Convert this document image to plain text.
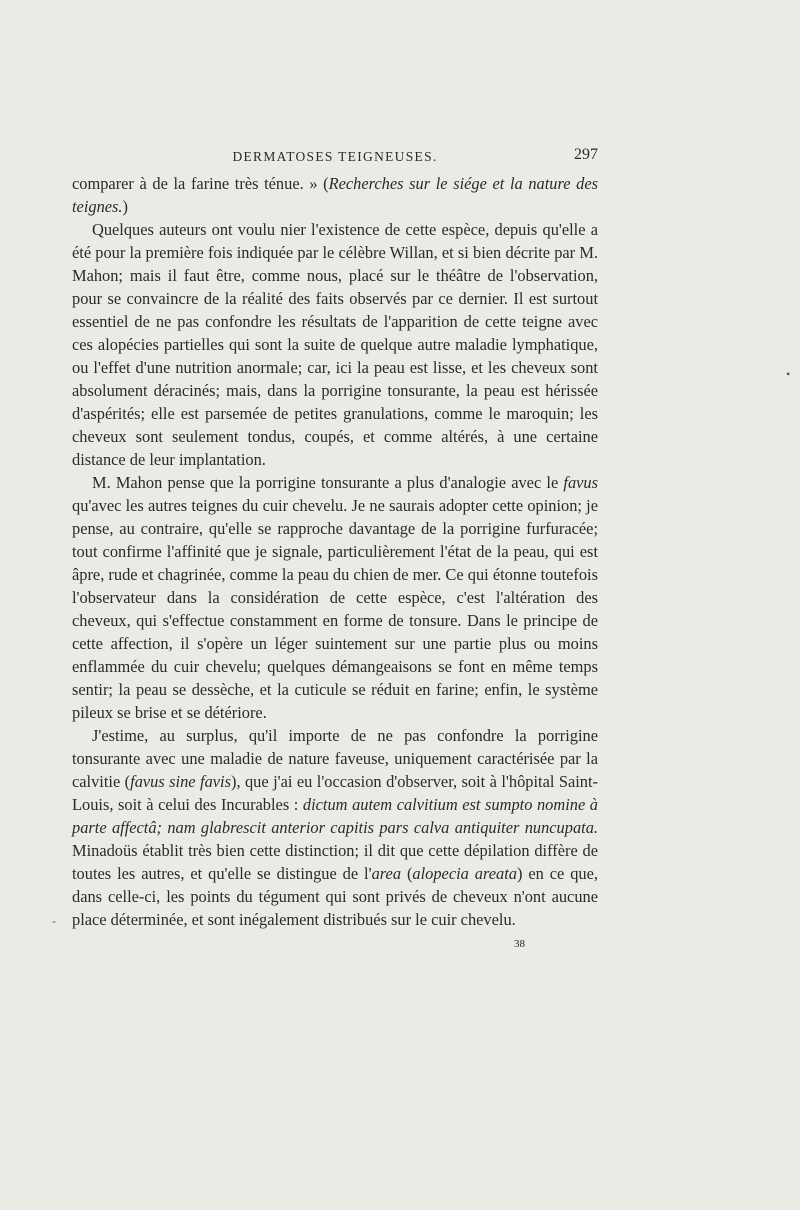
DERMATOSES TEIGNEUSES.	297

comparer à de la farine très ténue. » (Recherches sur le siége et la nature des teignes.)

Quelques auteurs ont voulu nier l'existence de cette espèce, depuis qu'elle a été pour la première fois indiquée par le célèbre Willan, et si bien décrite par M. Mahon; mais il faut être, comme nous, placé sur le théâtre de l'observation, pour se convaincre de la réalité des faits observés par ce dernier. Il est surtout essentiel de ne pas confondre les résultats de l'apparition de cette teigne avec ces alopécies partielles qui sont la suite de quelque autre maladie lymphatique, ou l'effet d'une nutrition anormale; car, ici la peau est lisse, et les cheveux sont absolument déracinés; mais, dans la porrigine tonsurante, la peau est hérissée d'aspérités; elle est parsemée de petites granulations, comme le maroquin; les cheveux sont seulement tondus, coupés, et comme altérés, à une certaine distance de leur implantation.

M. Mahon pense que la porrigine tonsurante a plus d'analogie avec le favus qu'avec les autres teignes du cuir chevelu. Je ne saurais adopter cette opinion; je pense, au contraire, qu'elle se rapproche davantage de la porrigine furfuracée; tout confirme l'affinité que je signale, particulièrement l'état de la peau, qui est âpre, rude et chagrinée, comme la peau du chien de mer. Ce qui étonne toutefois l'observateur dans la considération de cette espèce, c'est l'altération des cheveux, qui s'effectue constamment en forme de tonsure. Dans le principe de cette affection, il s'opère un léger suintement sur une partie plus ou moins enflammée du cuir chevelu; quelques démangeaisons se font en même temps sentir; la peau se dessèche, et la cuticule se réduit en farine; enfin, le système pileux se brise et se détériore.

J'estime, au surplus, qu'il importe de ne pas confondre la porrigine tonsurante avec une maladie de nature faveuse, uniquement caractérisée par la calvitie (favus sine favis), que j'ai eu l'occasion d'observer, soit à l'hôpital Saint-Louis, soit à celui des Incurables : dictum autem calvitium est sumpto nomine à parte affectâ; nam glabrescit anterior capitis pars calva antiquiter nuncupata. Minadoüs établit très bien cette distinction; il dit que cette dépilation diffère de toutes les autres, et qu'elle se distingue de l'area (alopecia areata) en ce que, dans celle-ci, les points du tégument qui sont privés de cheveux n'ont aucune place déterminée, et sont inégalement distribués sur le cuir chevelu.

38
•
-
